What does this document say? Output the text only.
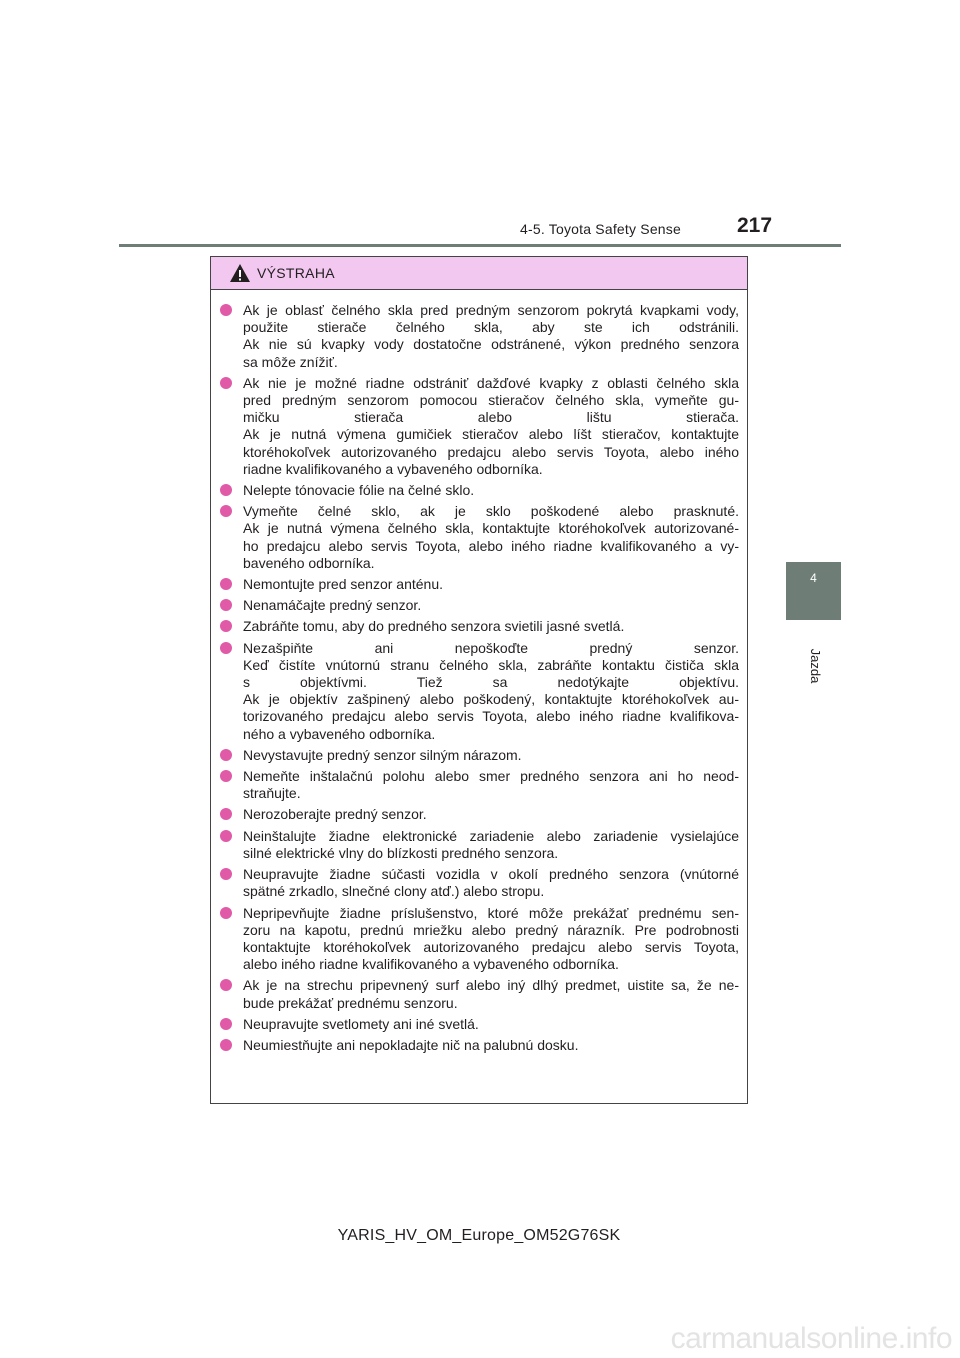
4-5. Toyota Safety Sense	217
4
Jazda
VÝSTRAHA
Ak je oblasť čelného skla pred predným senzorom pokrytá kvapkami vody,
použite stierače čelného skla, aby ste ich odstránili.
Ak nie sú kvapky vody dostatočne odstránené, výkon predného senzora
sa môže znížiť.
Ak nie je možné riadne odstrániť dažďové kvapky z oblasti čelného skla
pred predným senzorom pomocou stieračov čelného skla, vymeňte gu-
mičku stierača alebo lištu stierača.
Ak je nutná výmena gumičiek stieračov alebo líšt stieračov, kontaktujte
ktoréhokoľvek autorizovaného predajcu alebo servis Toyota, alebo iného
riadne kvalifikovaného a vybaveného odborníka.
Nelepte tónovacie fólie na čelné sklo.
Vymeňte čelné sklo, ak je sklo poškodené alebo prasknuté.
Ak je nutná výmena čelného skla, kontaktujte ktoréhokoľvek autorizované-
ho predajcu alebo servis Toyota, alebo iného riadne kvalifikovaného a vy-
baveného odborníka.
Nemontujte pred senzor anténu.
Nenamáčajte predný senzor.
Zabráňte tomu, aby do predného senzora svietili jasné svetlá.
Nezašpiňte ani nepoškoďte predný senzor.
Keď čistíte vnútornú stranu čelného skla, zabráňte kontaktu čističa skla
s objektívmi. Tiež sa nedotýkajte objektívu.
Ak je objektív zašpinený alebo poškodený, kontaktujte ktoréhokoľvek au-
torizovaného predajcu alebo servis Toyota, alebo iného riadne kvalifikova-
ného a vybaveného odborníka.
Nevystavujte predný senzor silným nárazom.
Nemeňte inštalačnú polohu alebo smer predného senzora ani ho neod-
straňujte.
Nerozoberajte predný senzor.
Neinštalujte žiadne elektronické zariadenie alebo zariadenie vysielajúce
silné elektrické vlny do blízkosti predného senzora.
Neupravujte žiadne súčasti vozidla v okolí predného senzora (vnútorné
spätné zrkadlo, slnečné clony atď.) alebo stropu.
Nepripevňujte žiadne príslušenstvo, ktoré môže prekážať prednému sen-
zoru na kapotu, prednú mriežku alebo predný nárazník. Pre podrobnosti
kontaktujte ktoréhokoľvek autorizovaného predajcu alebo servis Toyota,
alebo iného riadne kvalifikovaného a vybaveného odborníka.
Ak je na strechu pripevnený surf alebo iný dlhý predmet, uistite sa, že ne-
bude prekážať prednému senzoru.
Neupravujte svetlomety ani iné svetlá.
Neumiestňujte ani nepokladajte nič na palubnú dosku.
YARIS_HV_OM_Europe_OM52G76SK
carmanualsonline.info
